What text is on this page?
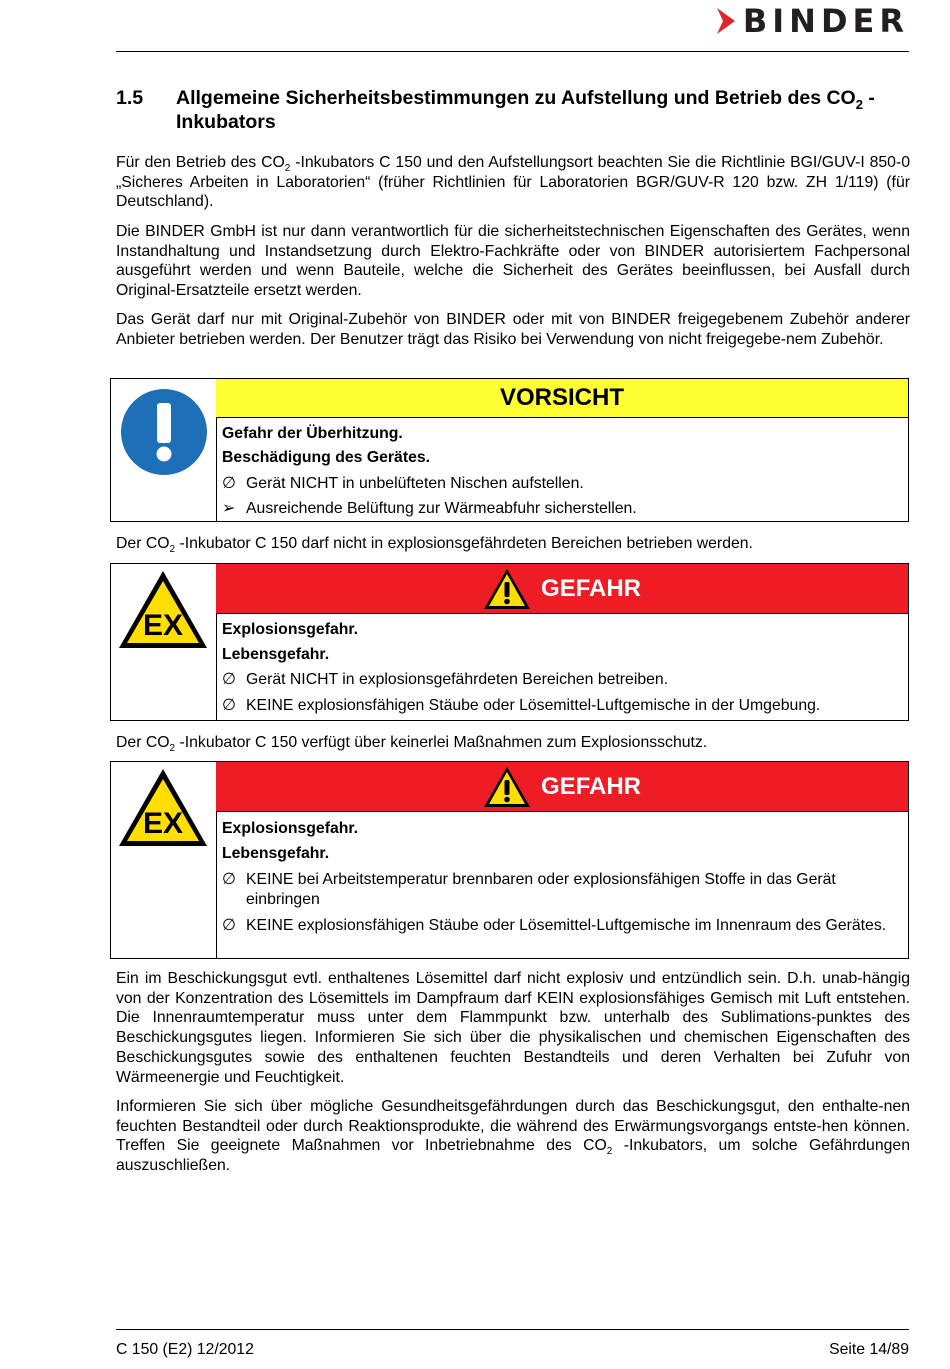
BINDER
1.5 Allgemeine Sicherheitsbestimmungen zu Aufstellung und Betrieb des $CO_2$ -
Inkubators
Für den Betrieb des $CO_2$ -Inkubators C 150 und den Aufstellungsort beachten Sie die Richtlinie BGI/GUV-I 850-0 „Sicheres Arbeiten in Laboratorien“ (früher Richtlinien für Laboratorien BGR/GUV-R 120 bzw. ZH 1/119) (für Deutschland).
Die BINDER GmbH ist nur dann verantwortlich für die sicherheitstechnischen Eigenschaften des Gerätes, wenn Instandhaltung und Instandsetzung durch Elektro-Fachkräfte oder von BINDER autorisiertem Fachpersonal ausgeführt werden und wenn Bauteile, welche die Sicherheit des Gerätes beeinflussen, bei Ausfall durch Original-Ersatzteile ersetzt werden.
Das Gerät darf nur mit Original-Zubehör von BINDER oder mit von BINDER freigegebenem Zubehör anderer Anbieter betrieben werden. Der Benutzer trägt das Risiko bei Verwendung von nicht freigegebe-nem Zubehör.
VORSICHT
Gefahr der Überhitzung.
Beschädigung des Gerätes.
∅ Gerät NICHT in unbelüfteten Nischen aufstellen.
➢ Ausreichende Belüftung zur Wärmeabfuhr sicherstellen.
Der $CO_2$ -Inkubator C 150 darf nicht in explosionsgefährdeten Bereichen betrieben werden.
EX
GEFAHR
Explosionsgefahr.
Lebensgefahr.
∅ Gerät NICHT in explosionsgefährdeten Bereichen betreiben.
∅ KEINE explosionsfähigen Stäube oder Lösemittel-Luftgemische in der Umgebung.
Der $CO_2$ -Inkubator C 150 verfügt über keinerlei Maßnahmen zum Explosionsschutz.
EX
GEFAHR
Explosionsgefahr.
Lebensgefahr.
∅ KEINE bei Arbeitstemperatur brennbaren oder explosionsfähigen Stoffe in das Gerät einbringen
∅ KEINE explosionsfähigen Stäube oder Lösemittel-Luftgemische im Innenraum des Gerätes.
Ein im Beschickungsgut evtl. enthaltenes Lösemittel darf nicht explosiv und entzündlich sein. D.h. unab-hängig von der Konzentration des Lösemittels im Dampfraum darf KEIN explosionsfähiges Gemisch mit Luft entstehen. Die Innenraumtemperatur muss unter dem Flammpunkt bzw. unterhalb des Sublimations-punktes des Beschickungsgutes liegen. Informieren Sie sich über die physikalischen und chemischen Eigenschaften des Beschickungsgutes sowie des enthaltenen feuchten Bestandteils und deren Verhalten bei Zufuhr von Wärmeenergie und Feuchtigkeit.
Informieren Sie sich über mögliche Gesundheitsgefährdungen durch das Beschickungsgut, den enthalte-nen feuchten Bestandteil oder durch Reaktionsprodukte, die während des Erwärmungsvorgangs entste-hen können. Treffen Sie geeignete Maßnahmen vor Inbetriebnahme des $CO_2$ -Inkubators, um solche Gefährdungen auszuschließen.
C 150 (E2) 12/2012	Seite 14/89
